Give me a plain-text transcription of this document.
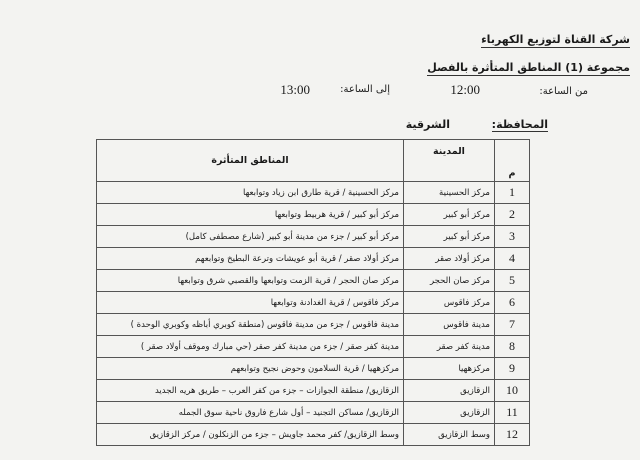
شركة القناة لتوزيع الكهرباء
مجموعة (1) المناطق المتأثرة بالفصل
من الساعة:
12:00
إلى الساعة:
13:00
المحافظة:
الشرقية
م	المدينة	المناطق المتأثرة
1	مركز الحسينية	مركز الحسينية / قرية طارق ابن زياد وتوابعها
2	مركز أبو كبير	مركز أبو كبير / قرية هربيط وتوابعها
3	مركز أبو كبير	مركز أبو كبير / جزء من مدينة أبو كبير (شارع مصطفى كامل)
4	مركز أولاد صقر	مركز أولاد صقر / قرية أبو عويشات وترعة البطيخ وتوابعهم
5	مركز صان الحجر	مركز صان الحجر / قرية الزمت وتوابعها والقصبي شرق وتوابعها
6	مركز فاقوس	مركز فاقوس / قرية الغدادنة وتوابعها
7	مدينة فاقوس	مدينة فاقوس / جزء من مدينة فاقوس (منطقة كوبري أباظه وكوبري الوحدة )
8	مدينة كفر صقر	مدينة كفر صقر / جزء من مدينة كفر صقر (حي مبارك وموقف أولاد صقر )
9	مركزههيا	مركزههيا / قرية السلامون وحوض نجيح وتوابعهم
10	الزقازيق	الزقازيق/ منطقة الجوازات – جزء من كفر العرب – طريق هريه الجديد
11	الزقازيق	الزقازيق/ مساكن التجنيد – أول شارع فاروق ناحية سوق الجمله
12	وسط الزقازيق	وسط الزقازيق/ كفر محمد جاويش – جزء من الزنكلون / مركز الزقازيق
